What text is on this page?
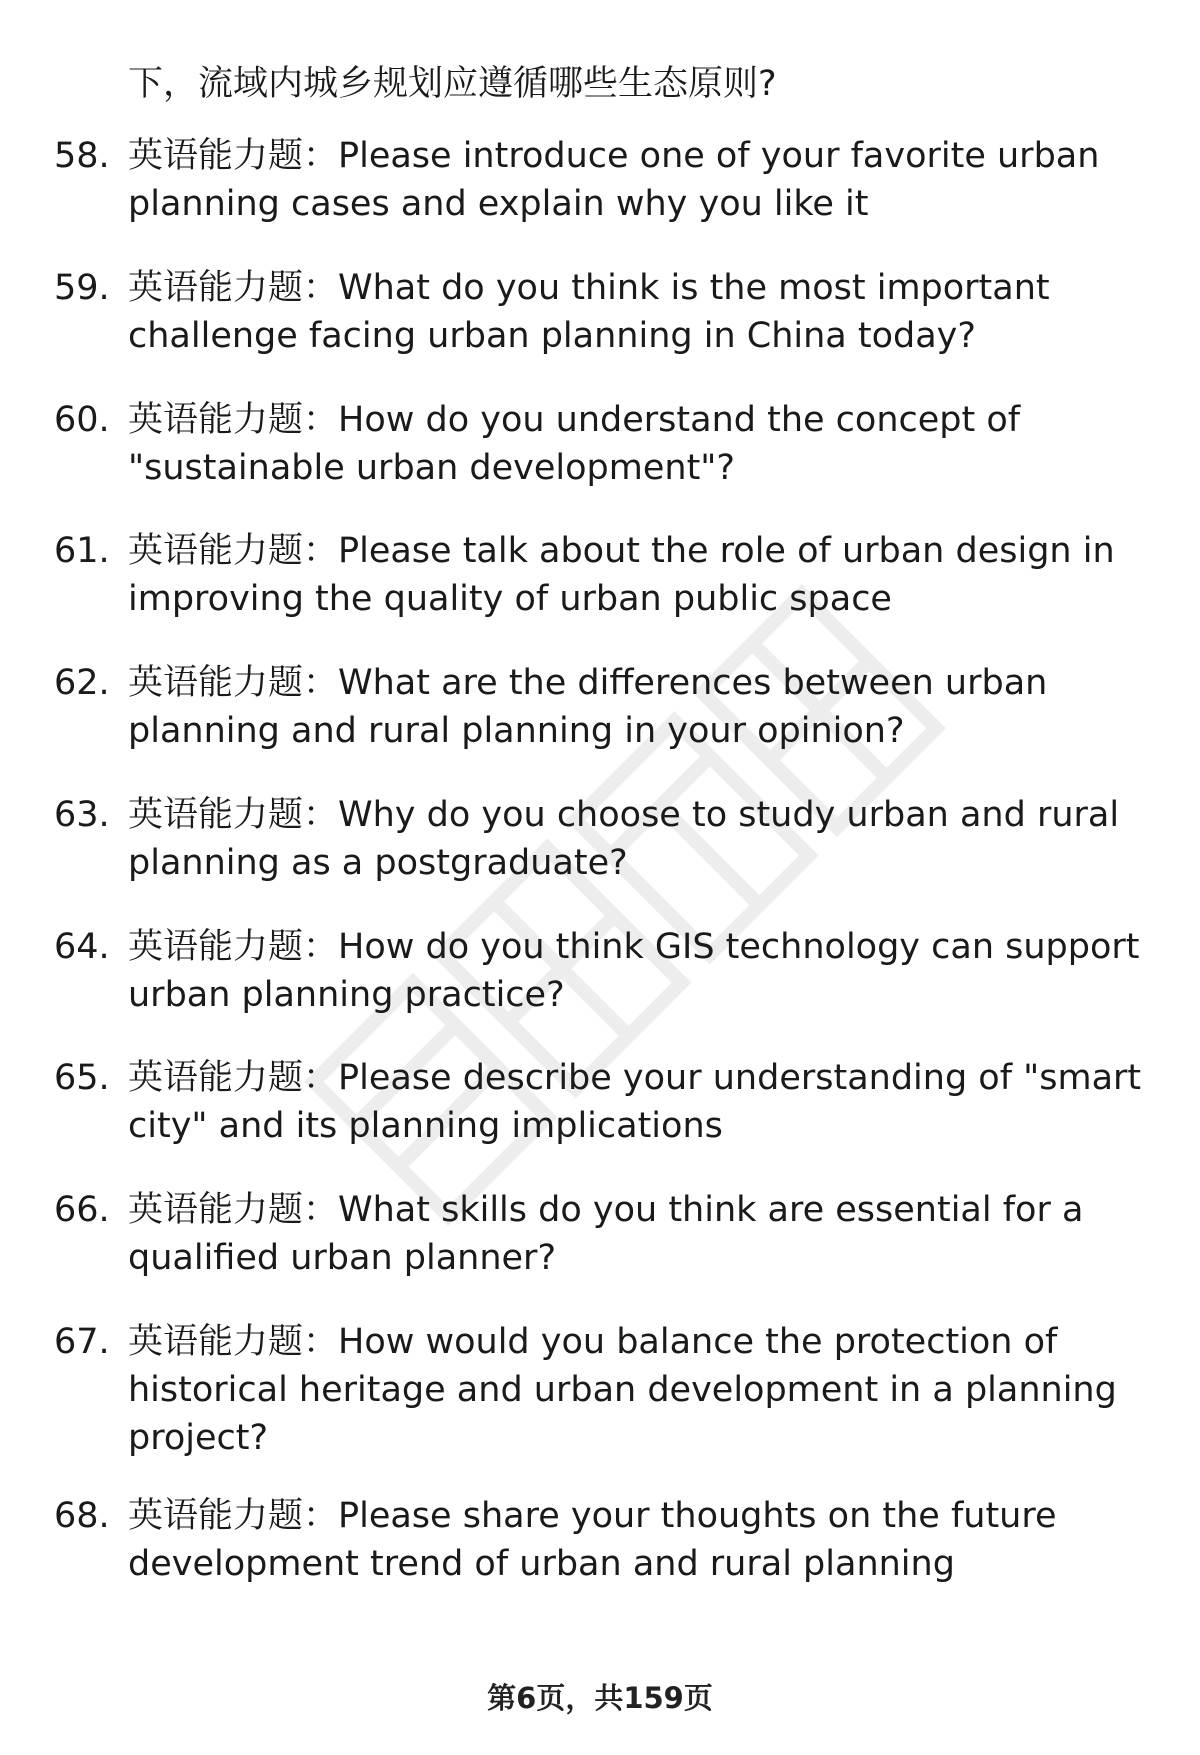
下，流域内城乡规划应遵循哪些生态原则?
58. 英语能力题：Please introduce one of your favorite urban
planning cases and explain why you like it
59. 英语能力题：What do you think is the most important
challenge facing urban planning in China today?
60. 英语能力题：How do you understand the concept of
"sustainable urban development"?
61. 英语能力题：Please talk about the role of urban design in
improving the quality of urban public space
62. 英语能力题：What are the differences between urban
planning and rural planning in your opinion?
63. 英语能力题：Why do you choose to study urban and rural
planning as a postgraduate?
64. 英语能力题：How do you think GIS technology can support
urban planning practice?
65. 英语能力题：Please describe your understanding of "smart
city" and its planning implications
66. 英语能力题：What skills do you think are essential for a
qualified urban planner?
67. 英语能力题：How would you balance the protection of
historical heritage and urban development in a planning
project?
68. 英语能力题：Please share your thoughts on the future
development trend of urban and rural planning
第6页，共159页
